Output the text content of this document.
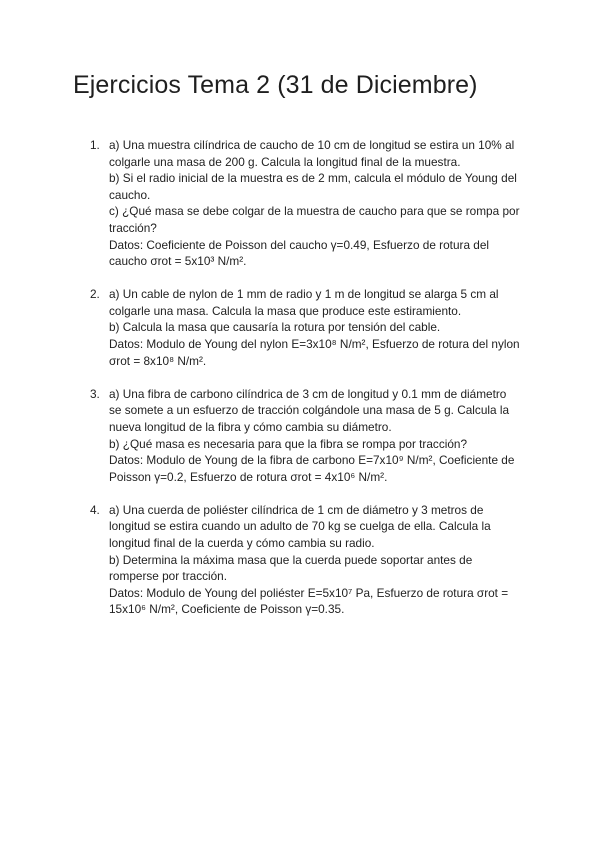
Ejercicios Tema 2 (31 de Diciembre)
1. a) Una muestra cilíndrica de caucho de 10 cm de longitud se estira un 10% al
colgarle una masa de 200 g. Calcula la longitud final de la muestra.
b) Si el radio inicial de la muestra es de 2 mm, calcula el módulo de Young del
caucho.
c) ¿Qué masa se debe colgar de la muestra de caucho para que se rompa por
tracción?
Datos: Coeficiente de Poisson del caucho γ=0.49, Esfuerzo de rotura del
caucho σrot = 5x10³ N/m².
2. a) Un cable de nylon de 1 mm de radio y 1 m de longitud se alarga 5 cm al
colgarle una masa. Calcula la masa que produce este estiramiento.
b) Calcula la masa que causaría la rotura por tensión del cable.
Datos: Modulo de Young del nylon E=3x10⁸ N/m², Esfuerzo de rotura del nylon
σrot = 8x10⁸ N/m².
3. a) Una fibra de carbono cilíndrica de 3 cm de longitud y 0.1 mm de diámetro
se somete a un esfuerzo de tracción colgándole una masa de 5 g. Calcula la
nueva longitud de la fibra y cómo cambia su diámetro.
b) ¿Qué masa es necesaria para que la fibra se rompa por tracción?
Datos: Modulo de Young de la fibra de carbono E=7x10⁹ N/m², Coeficiente de
Poisson γ=0.2, Esfuerzo de rotura σrot = 4x10⁶ N/m².
4. a) Una cuerda de poliéster cilíndrica de 1 cm de diámetro y 3 metros de
longitud se estira cuando un adulto de 70 kg se cuelga de ella. Calcula la
longitud final de la cuerda y cómo cambia su radio.
b) Determina la máxima masa que la cuerda puede soportar antes de
romperse por tracción.
Datos: Modulo de Young del poliéster E=5x10⁷ Pa, Esfuerzo de rotura σrot =
15x10⁶ N/m², Coeficiente de Poisson γ=0.35.
